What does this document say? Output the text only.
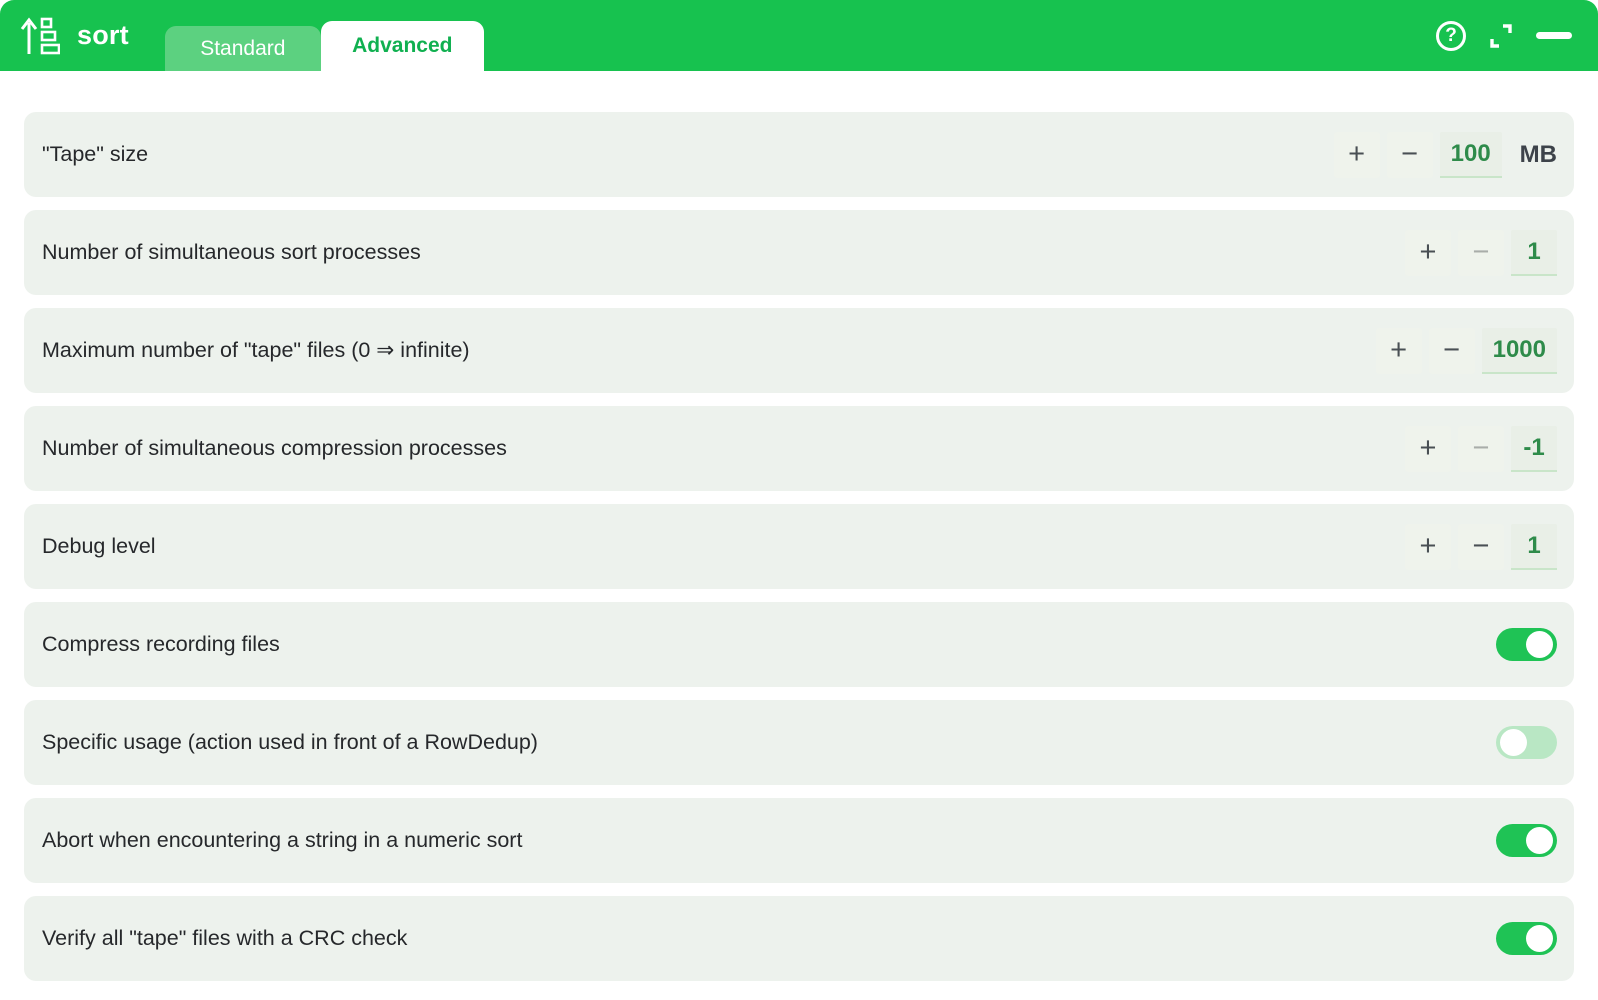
sort	Standard	Advanced	?
"Tape" size	+	−	100	MB
Number of simultaneous sort processes	+	−	1
Maximum number of "tape" files (0 ⇒ infinite)	+	−	1000
Number of simultaneous compression processes	+	−	-1
Debug level	+	−	1
Compress recording files
Specific usage (action used in front of a RowDedup)
Abort when encountering a string in a numeric sort
Verify all "tape" files with a CRC check
